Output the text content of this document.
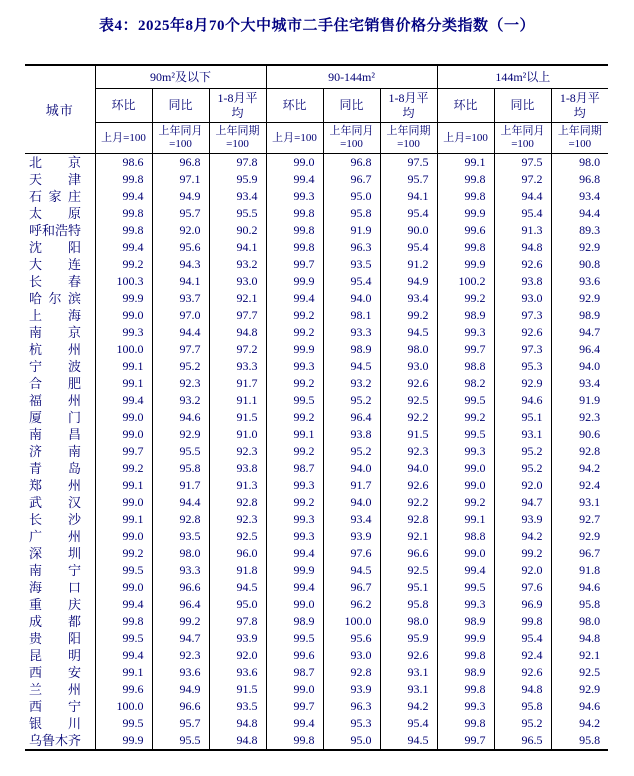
表4：2025年8月70个大中城市二手住宅销售价格分类指数（一）
城市	90m²及以下			90-144m²			144m²以上		
	环比	同比	1-8月平均	环比	同比	1-8月平均	环比	同比	1-8月平均
	上月=100	上年同月=100	上年同期=100	上月=100	上年同月=100	上年同期=100	上月=100	上年同月=100	上年同期=100

北京	98.6	96.8	97.8	99.0	96.8	97.5	99.1	97.5	98.0

天津	99.8	97.1	95.9	99.4	96.7	95.7	99.8	97.2	96.8

石家庄	99.4	94.9	93.4	99.3	95.0	94.1	99.8	94.4	93.4

太原	99.8	95.7	95.5	99.8	95.8	95.4	99.9	95.4	94.4

呼和浩特	99.8	92.0	90.2	99.8	91.9	90.0	99.6	91.3	89.3

沈阳	99.4	95.6	94.1	99.8	96.3	95.4	99.8	94.8	92.9

大连	99.2	94.3	93.2	99.7	93.5	91.2	99.9	92.6	90.8

长春	100.3	94.1	93.0	99.9	95.4	94.9	100.2	93.8	93.6

哈尔滨	99.9	93.7	92.1	99.4	94.0	93.4	99.2	93.0	92.9

上海	99.0	97.0	97.7	99.2	98.1	99.2	98.9	97.3	98.9

南京	99.3	94.4	94.8	99.2	93.3	94.5	99.3	92.6	94.7

杭州	100.0	97.7	97.2	99.9	98.9	98.0	99.7	97.3	96.4

宁波	99.1	95.2	93.3	99.3	94.5	93.0	98.8	95.3	94.0

合肥	99.1	92.3	91.7	99.2	93.2	92.6	98.2	92.9	93.4

福州	99.4	93.2	91.1	99.5	95.2	92.5	99.5	94.6	91.9

厦门	99.0	94.6	91.5	99.2	96.4	92.2	99.2	95.1	92.3

南昌	99.0	92.9	91.0	99.1	93.8	91.5	99.5	93.1	90.6

济南	99.7	95.5	92.3	99.2	95.2	92.3	99.3	95.2	92.8

青岛	99.2	95.8	93.8	98.7	94.0	94.0	99.0	95.2	94.2

郑州	99.1	91.7	91.3	99.3	91.7	92.6	99.0	92.0	92.4

武汉	99.0	94.4	92.8	99.2	94.0	92.2	99.2	94.7	93.1

长沙	99.1	92.8	92.3	99.3	93.4	92.8	99.1	93.9	92.7

广州	99.0	93.5	92.5	99.3	93.9	92.1	98.8	94.2	92.9

深圳	99.2	98.0	96.0	99.4	97.6	96.6	99.0	99.2	96.7

南宁	99.5	93.3	91.8	99.9	94.5	92.5	99.4	92.0	91.8

海口	99.0	96.6	94.5	99.4	96.7	95.1	99.5	97.6	94.6

重庆	99.4	96.4	95.0	99.0	96.2	95.8	99.3	96.9	95.8

成都	99.8	99.2	97.8	98.9	100.0	98.0	98.9	99.8	98.0

贵阳	99.5	94.7	93.9	99.5	95.6	95.9	99.9	95.4	94.8

昆明	99.4	92.3	92.0	99.6	93.0	92.6	99.8	92.4	92.1

西安	99.1	93.6	93.6	98.7	92.8	93.1	98.9	92.6	92.5

兰州	99.6	94.9	91.5	99.0	93.9	93.1	99.8	94.8	92.9

西宁	100.0	96.6	93.5	99.7	96.3	94.2	99.3	95.8	94.6

银川	99.5	95.7	94.8	99.4	95.3	95.4	99.8	95.2	94.2

乌鲁木齐	99.9	95.5	94.8	99.8	95.0	94.5	99.7	96.5	95.8
